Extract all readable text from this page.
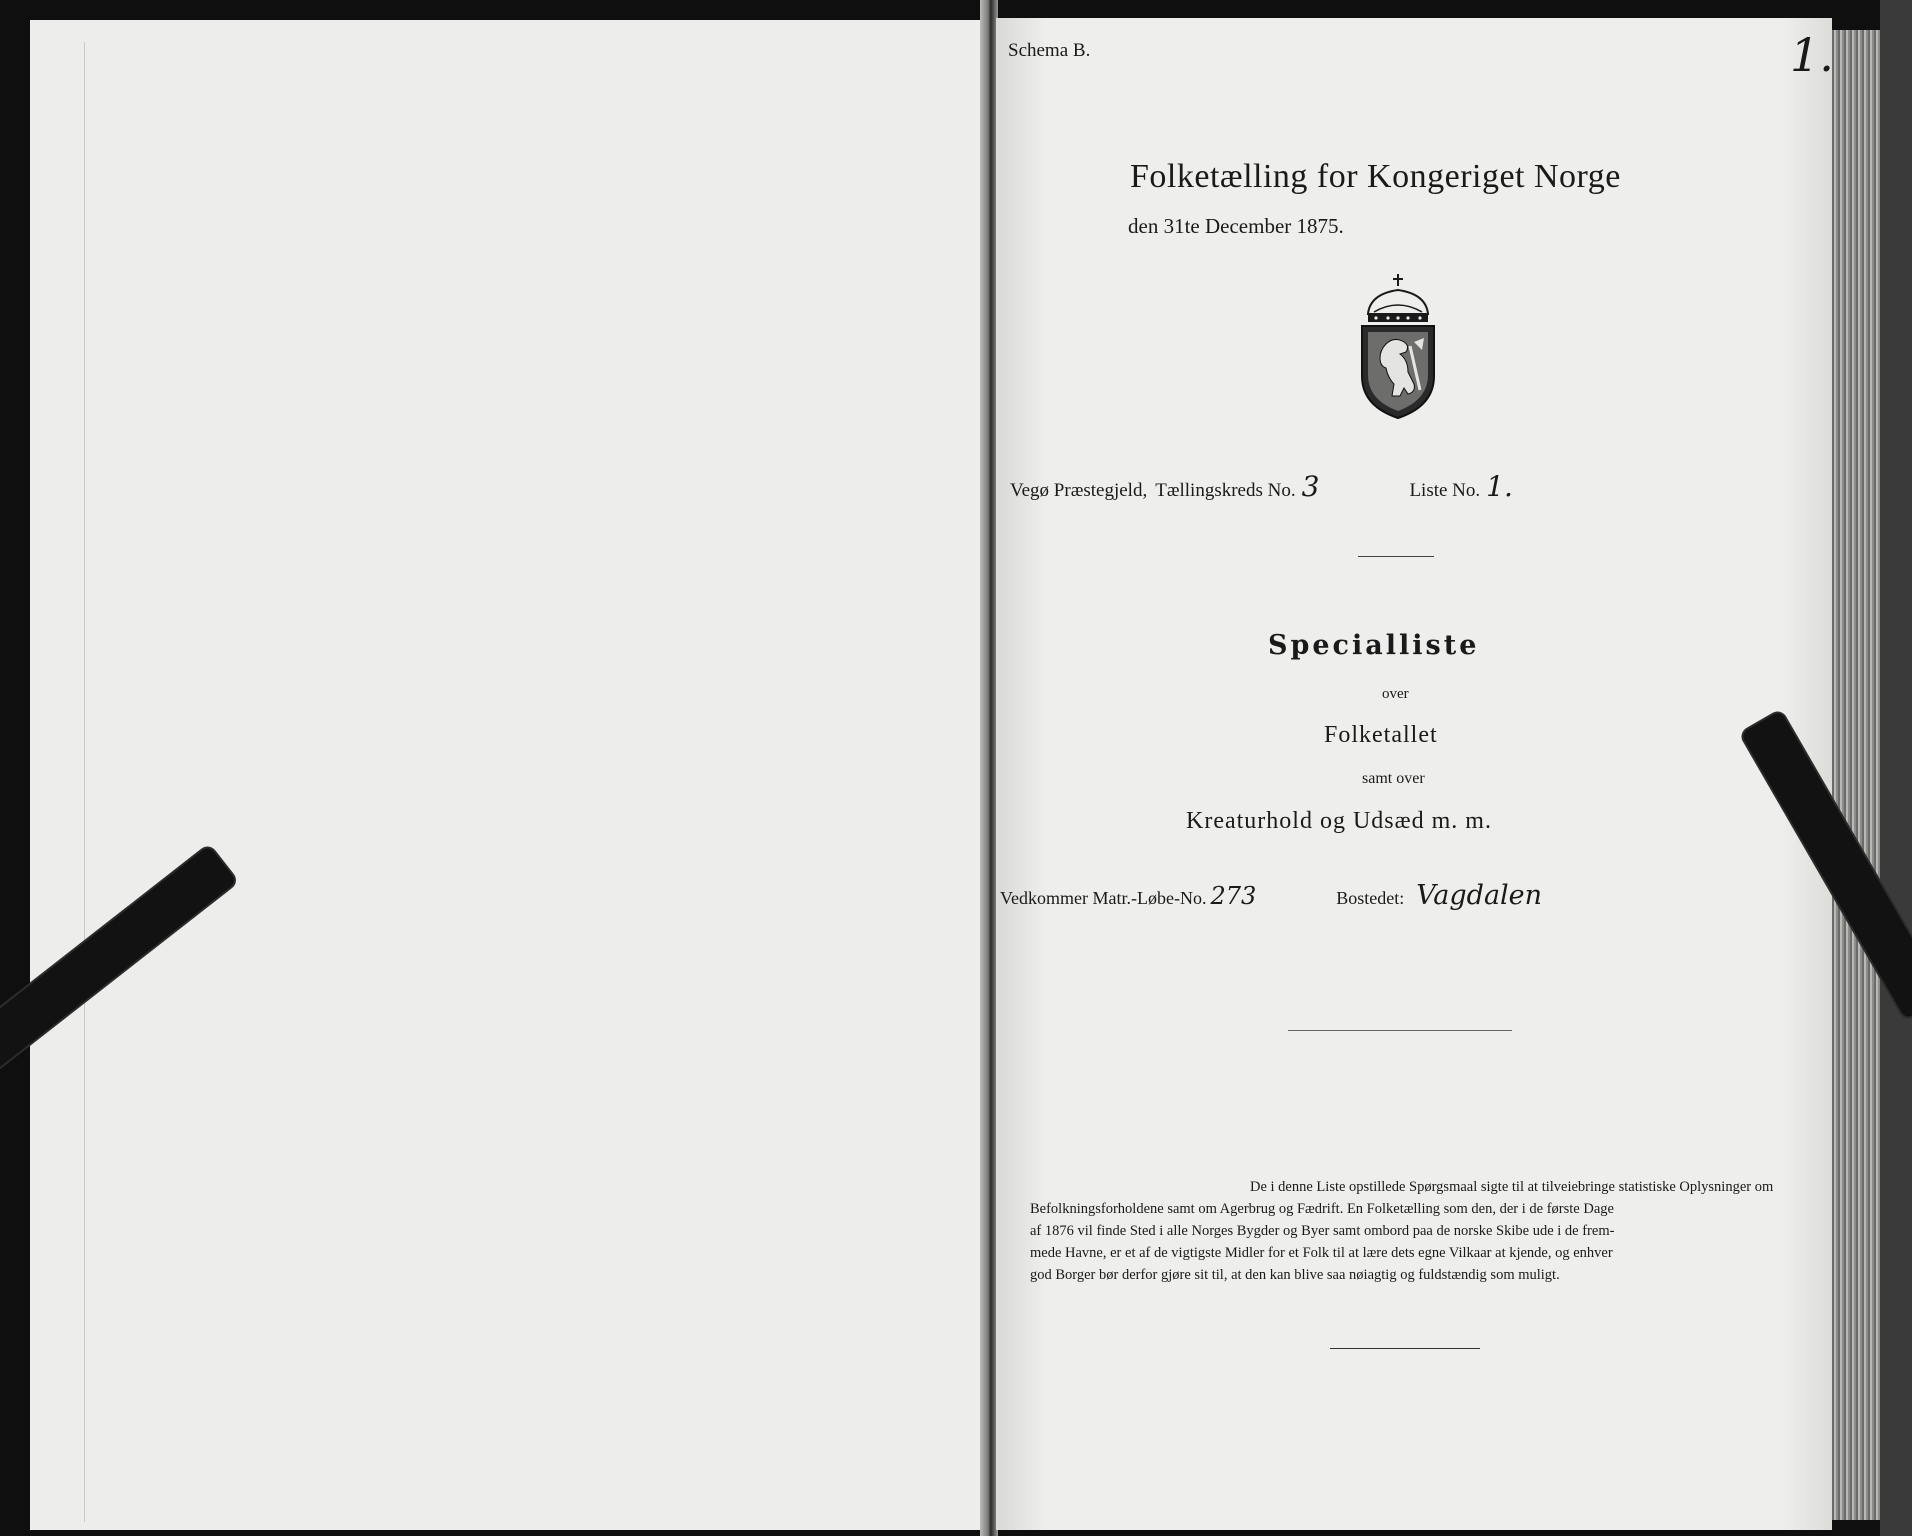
Schema B.	1.
Folketælling for Kongeriget Norge
den 31te December 1875.
Vegø Præstegjeld, Tællingskreds No. 3	Liste No. 1.
Specialliste
over
Folketallet
samt over
Kreaturhold og Udsæd m. m.
Vedkommer Matr.-Løbe-No. 273	Bostedet: Vagdalen
De i denne Liste opstillede Spørgsmaal sigte til at tilveiebringe statistiske Oplysninger om
Befolkningsforholdene samt om Agerbrug og Fædrift. En Folketælling som den, der i de første Dage
af 1876 vil finde Sted i alle Norges Bygder og Byer samt ombord paa de norske Skibe ude i de frem-
mede Havne, er et af de vigtigste Midler for et Folk til at lære dets egne Vilkaar at kjende, og enhver
god Borger bør derfor gjøre sit til, at den kan blive saa nøiagtig og fuldstændig som muligt.
